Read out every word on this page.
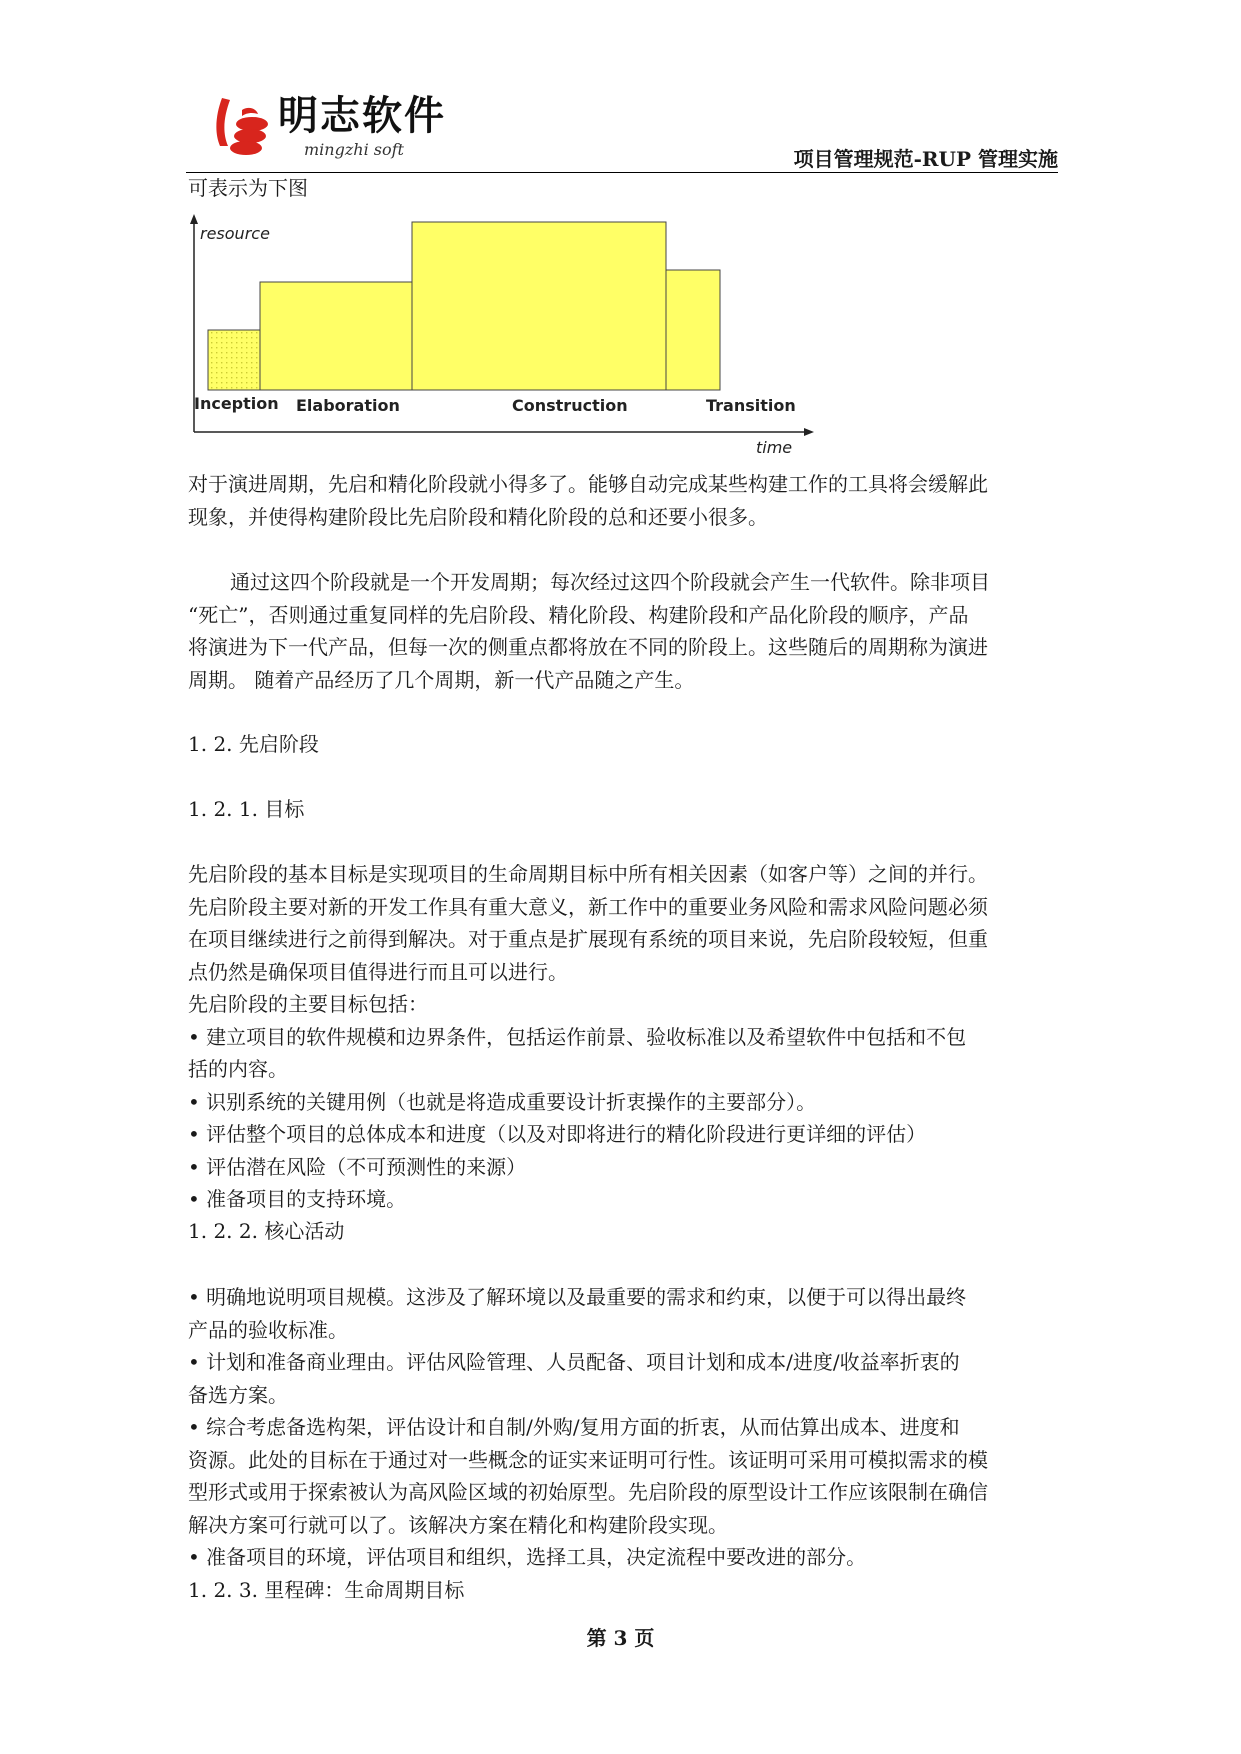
明志软件
mingzhi soft	项目管理规范-RUP 管理实施
可表示为下图
resource
time
Inception Elaboration	Construction	Transition
对于演进周期，先启和精化阶段就小得多了。能够自动完成某些构建工作的工具将会缓解此
现象，并使得构建阶段比先启阶段和精化阶段的总和还要小很多。
通过这四个阶段就是一个开发周期；每次经过这四个阶段就会产生一代软件。除非项目
“死亡”，否则通过重复同样的先启阶段、精化阶段、构建阶段和产品化阶段的顺序，产品
将演进为下一代产品，但每一次的侧重点都将放在不同的阶段上。这些随后的周期称为演进
周期。 随着产品经历了几个周期，新一代产品随之产生。
1. 2. 先启阶段
1. 2. 1. 目标
先启阶段的基本目标是实现项目的生命周期目标中所有相关因素（如客户等）之间的并行。
先启阶段主要对新的开发工作具有重大意义，新工作中的重要业务风险和需求风险问题必须
在项目继续进行之前得到解决。对于重点是扩展现有系统的项目来说，先启阶段较短，但重
点仍然是确保项目值得进行而且可以进行。
先启阶段的主要目标包括：
• 建立项目的软件规模和边界条件，包括运作前景、验收标准以及希望软件中包括和不包
括的内容。
• 识别系统的关键用例（也就是将造成重要设计折衷操作的主要部分）。
• 评估整个项目的总体成本和进度（以及对即将进行的精化阶段进行更详细的评估）
• 评估潜在风险（不可预测性的来源）
• 准备项目的支持环境。
1. 2. 2. 核心活动
• 明确地说明项目规模。这涉及了解环境以及最重要的需求和约束，以便于可以得出最终
产品的验收标准。
• 计划和准备商业理由。评估风险管理、人员配备、项目计划和成本/进度/收益率折衷的
备选方案。
• 综合考虑备选构架，评估设计和自制/外购/复用方面的折衷，从而估算出成本、进度和
资源。此处的目标在于通过对一些概念的证实来证明可行性。该证明可采用可模拟需求的模
型形式或用于探索被认为高风险区域的初始原型。先启阶段的原型设计工作应该限制在确信
解决方案可行就可以了。该解决方案在精化和构建阶段实现。
• 准备项目的环境，评估项目和组织，选择工具，决定流程中要改进的部分。
1. 2. 3. 里程碑：生命周期目标
第 3 页
